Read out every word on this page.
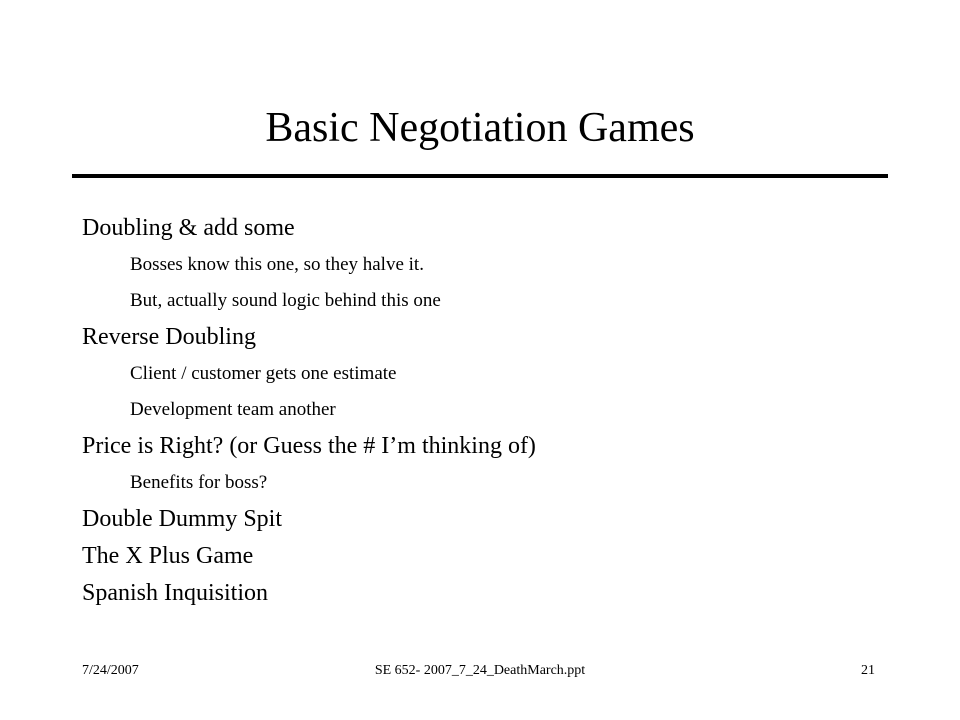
Basic Negotiation Games
Doubling & add some
Bosses know this one, so they halve it.
But, actually sound logic behind this one
Reverse Doubling
Client / customer gets one estimate
Development team another
Price is Right? (or Guess the # I’m thinking of)
Benefits for boss?
Double Dummy Spit
The X Plus Game
Spanish Inquisition
7/24/2007	SE 652- 2007_7_24_DeathMarch.ppt	21
